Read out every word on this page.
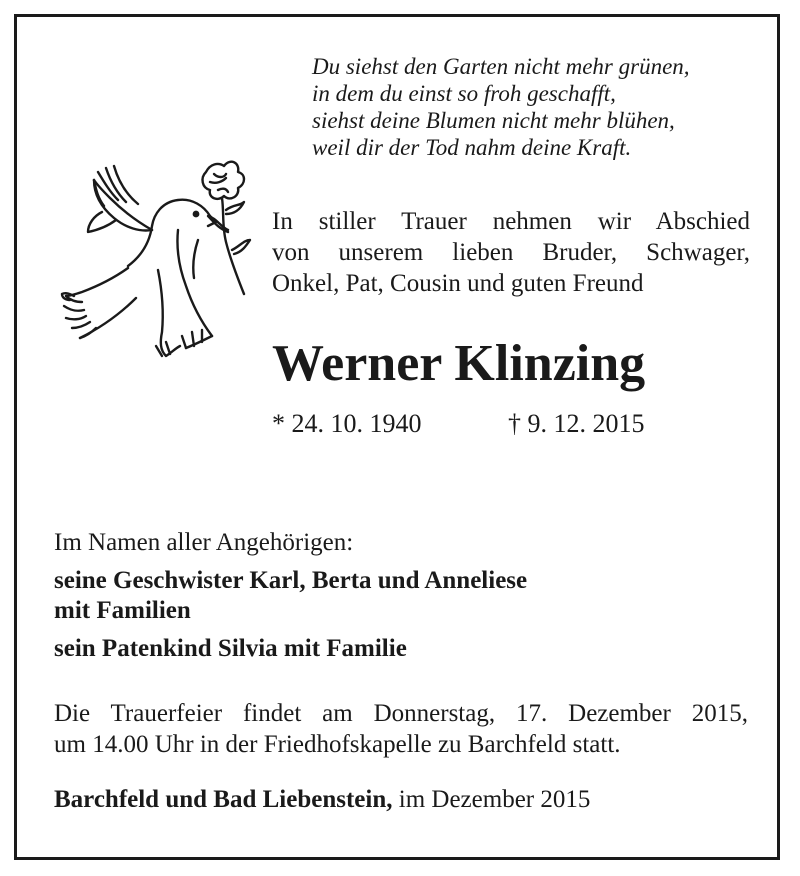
Du siehst den Garten nicht mehr grünen,
in dem du einst so froh geschafft,
siehst deine Blumen nicht mehr blühen,
weil dir der Tod nahm deine Kraft.
In stiller Trauer nehmen wir Abschied
von unserem lieben Bruder, Schwager,
Onkel, Pat, Cousin und guten Freund
Werner Klinzing
* 24. 10. 1940	† 9. 12. 2015
Im Namen aller Angehörigen:
seine Geschwister Karl, Berta und Anneliese
mit Familien
sein Patenkind Silvia mit Familie
Die Trauerfeier findet am Donnerstag, 17. Dezember 2015,
um 14.00 Uhr in der Friedhofskapelle zu Barchfeld statt.
Barchfeld und Bad Liebenstein, im Dezember 2015
